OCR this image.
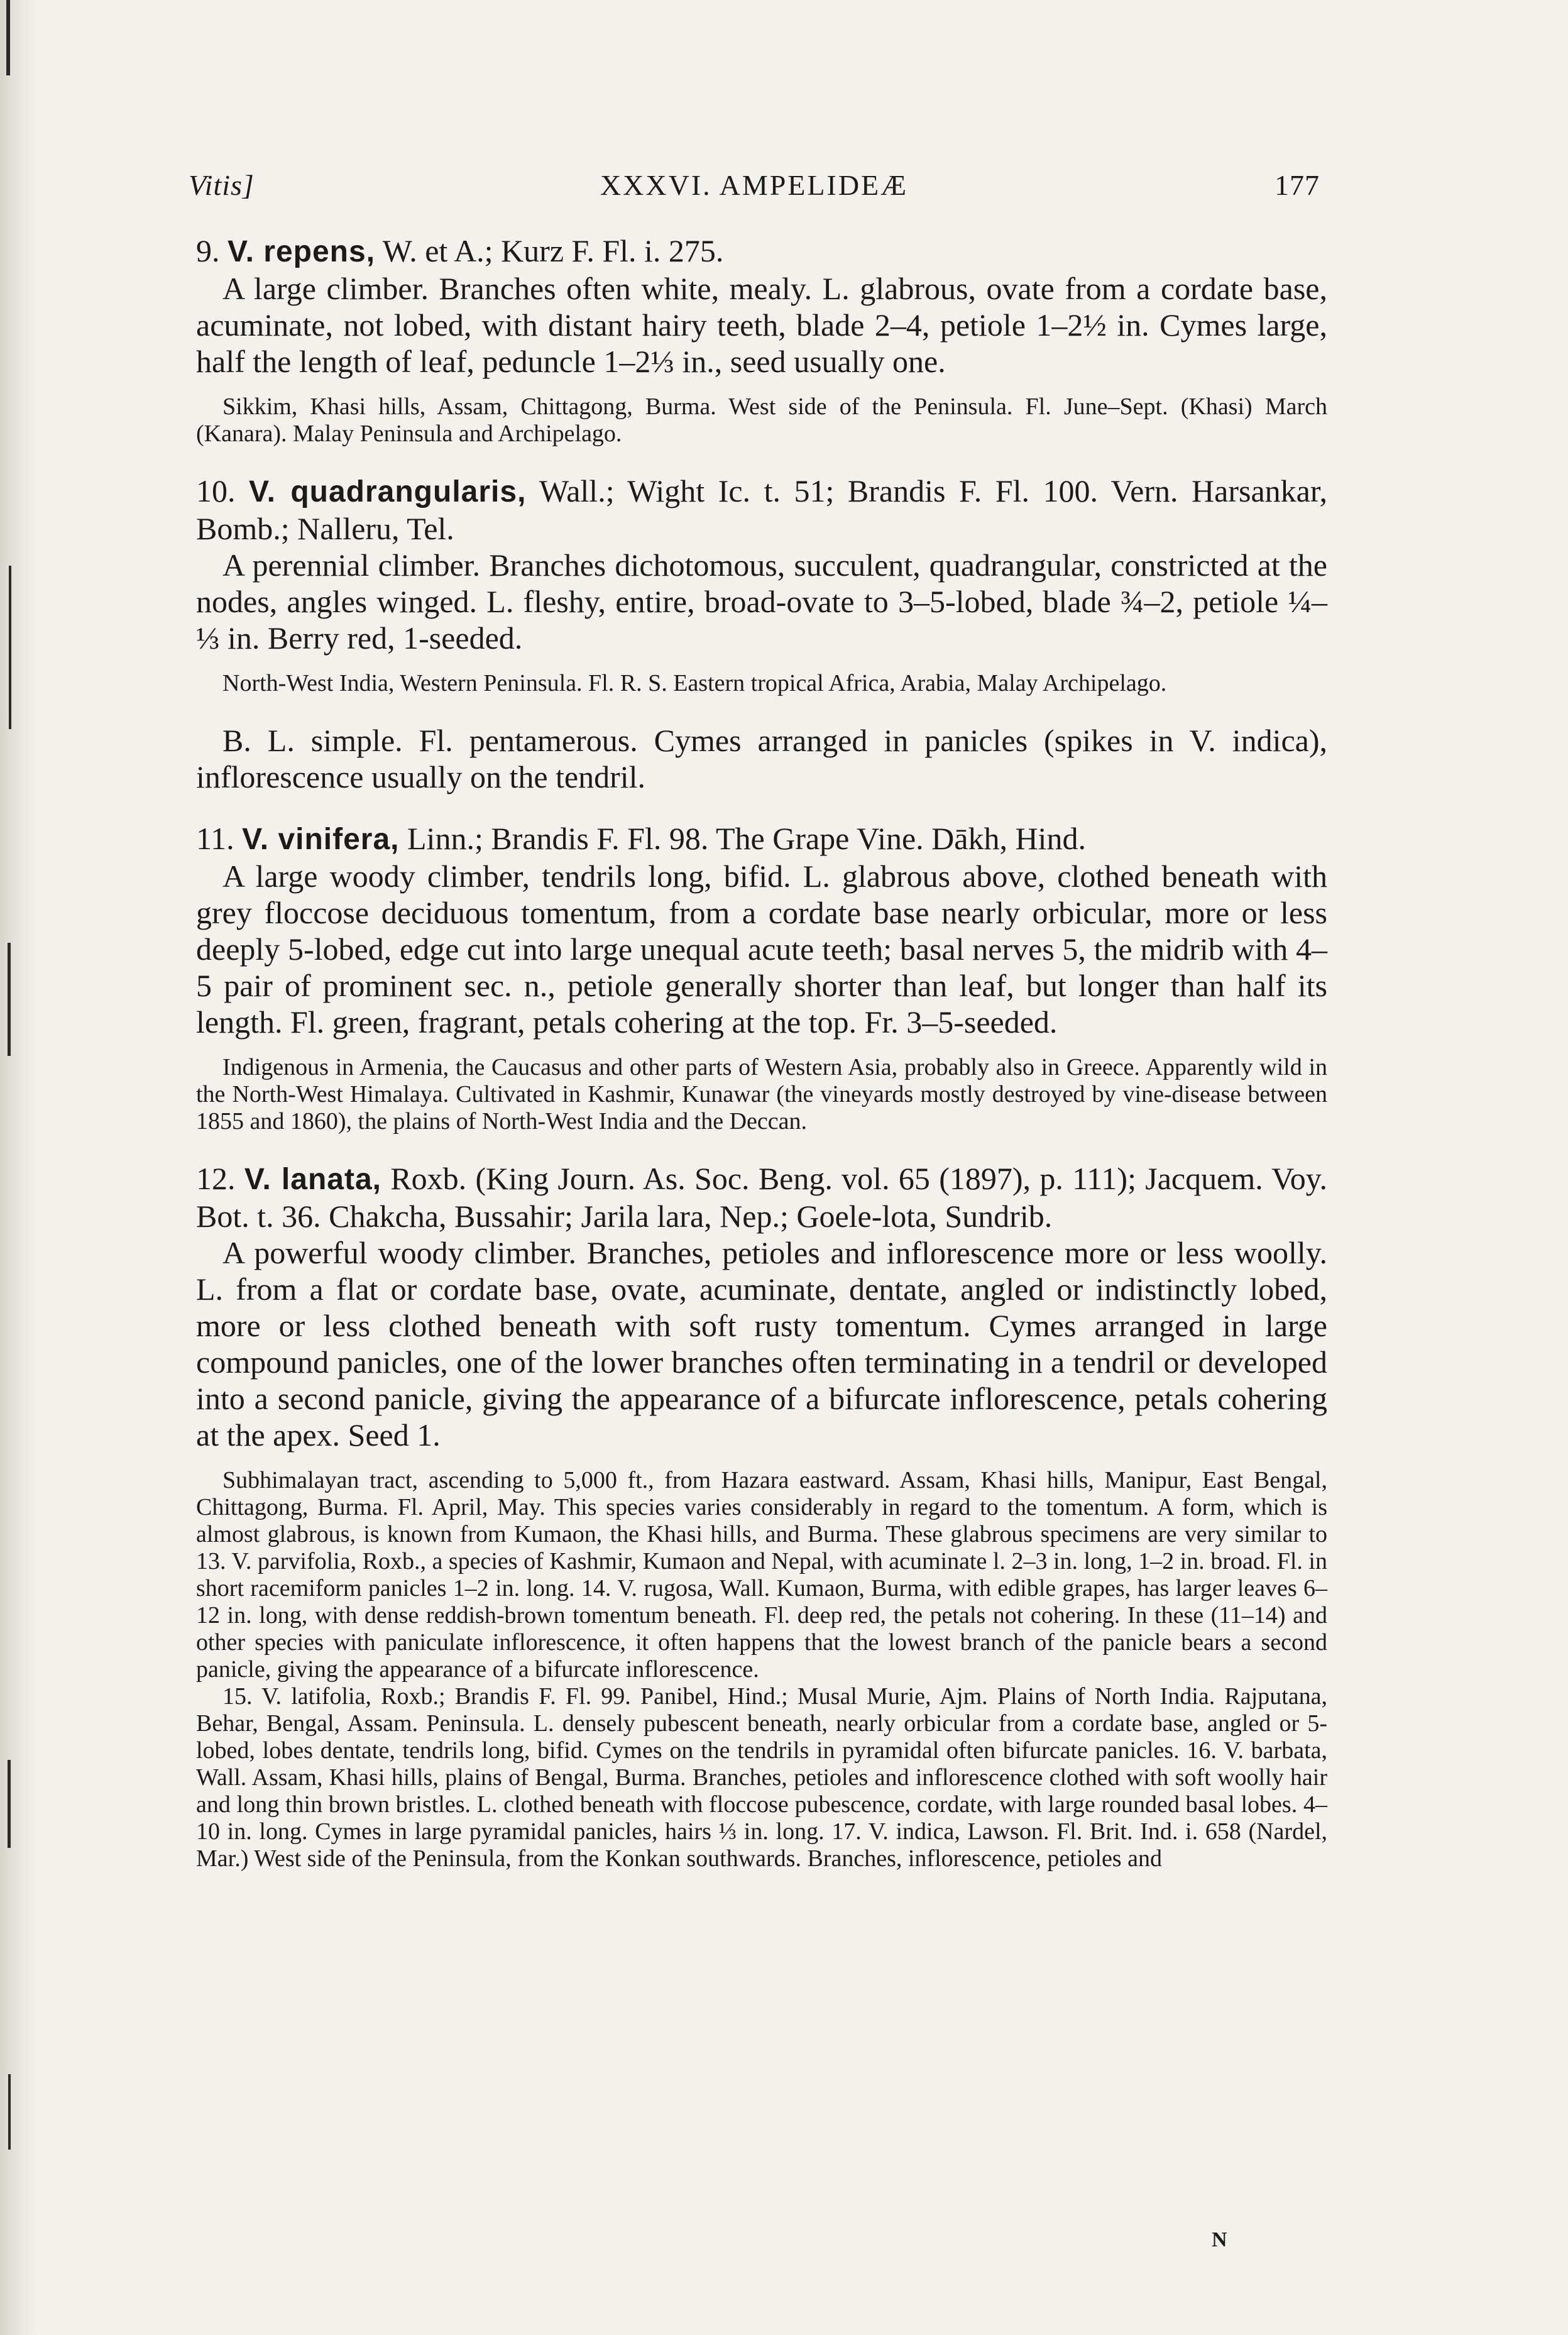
Vitis]	XXXVI. AMPELIDEÆ	177
9. V. repens, W. et A.; Kurz F. Fl. i. 275.
A large climber. Branches often white, mealy. L. glabrous, ovate from a cordate base, acuminate, not lobed, with distant hairy teeth, blade 2–4, petiole 1–2½ in. Cymes large, half the length of leaf, peduncle 1–2⅓ in., seed usually one.
Sikkim, Khasi hills, Assam, Chittagong, Burma. West side of the Peninsula. Fl. June–Sept. (Khasi) March (Kanara). Malay Peninsula and Archipelago.
10. V. quadrangularis, Wall.; Wight Ic. t. 51; Brandis F. Fl. 100. Vern. Harsankar, Bomb.; Nalleru, Tel.
A perennial climber. Branches dichotomous, succulent, quadrangular, constricted at the nodes, angles winged. L. fleshy, entire, broad-ovate to 3–5-lobed, blade ¾–2, petiole ¼–⅓ in. Berry red, 1-seeded.
North-West India, Western Peninsula. Fl. R. S. Eastern tropical Africa, Arabia, Malay Archipelago.
B. L. simple. Fl. pentamerous. Cymes arranged in panicles (spikes in V. indica), inflorescence usually on the tendril.
11. V. vinifera, Linn.; Brandis F. Fl. 98. The Grape Vine. Dākh, Hind.
A large woody climber, tendrils long, bifid. L. glabrous above, clothed beneath with grey floccose deciduous tomentum, from a cordate base nearly orbicular, more or less deeply 5-lobed, edge cut into large unequal acute teeth; basal nerves 5, the midrib with 4–5 pair of prominent sec. n., petiole generally shorter than leaf, but longer than half its length. Fl. green, fragrant, petals cohering at the top. Fr. 3–5-seeded.
Indigenous in Armenia, the Caucasus and other parts of Western Asia, probably also in Greece. Apparently wild in the North-West Himalaya. Cultivated in Kashmir, Kunawar (the vineyards mostly destroyed by vine-disease between 1855 and 1860), the plains of North-West India and the Deccan.
12. V. lanata, Roxb. (King Journ. As. Soc. Beng. vol. 65 (1897), p. 111); Jacquem. Voy. Bot. t. 36. Chakcha, Bussahir; Jarila lara, Nep.; Goele-lota, Sundrib.
A powerful woody climber. Branches, petioles and inflorescence more or less woolly. L. from a flat or cordate base, ovate, acuminate, dentate, angled or indistinctly lobed, more or less clothed beneath with soft rusty tomentum. Cymes arranged in large compound panicles, one of the lower branches often terminating in a tendril or developed into a second panicle, giving the appearance of a bifurcate inflorescence, petals cohering at the apex. Seed 1.
Subhimalayan tract, ascending to 5,000 ft., from Hazara eastward. Assam, Khasi hills, Manipur, East Bengal, Chittagong, Burma. Fl. April, May. This species varies considerably in regard to the tomentum. A form, which is almost glabrous, is known from Kumaon, the Khasi hills, and Burma. These glabrous specimens are very similar to 13. V. parvifolia, Roxb., a species of Kashmir, Kumaon and Nepal, with acuminate l. 2–3 in. long, 1–2 in. broad. Fl. in short racemiform panicles 1–2 in. long. 14. V. rugosa, Wall. Kumaon, Burma, with edible grapes, has larger leaves 6–12 in. long, with dense reddish-brown tomentum beneath. Fl. deep red, the petals not cohering. In these (11–14) and other species with paniculate inflorescence, it often happens that the lowest branch of the panicle bears a second panicle, giving the appearance of a bifurcate inflorescence.
15. V. latifolia, Roxb.; Brandis F. Fl. 99. Panibel, Hind.; Musal Murie, Ajm. Plains of North India. Rajputana, Behar, Bengal, Assam. Peninsula. L. densely pubescent beneath, nearly orbicular from a cordate base, angled or 5-lobed, lobes dentate, tendrils long, bifid. Cymes on the tendrils in pyramidal often bifurcate panicles. 16. V. barbata, Wall. Assam, Khasi hills, plains of Bengal, Burma. Branches, petioles and inflorescence clothed with soft woolly hair and long thin brown bristles. L. clothed beneath with floccose pubescence, cordate, with large rounded basal lobes. 4–10 in. long. Cymes in large pyramidal panicles, hairs ⅓ in. long. 17. V. indica, Lawson. Fl. Brit. Ind. i. 658 (Nardel, Mar.) West side of the Peninsula, from the Konkan southwards. Branches, inflorescence, petioles and
N
